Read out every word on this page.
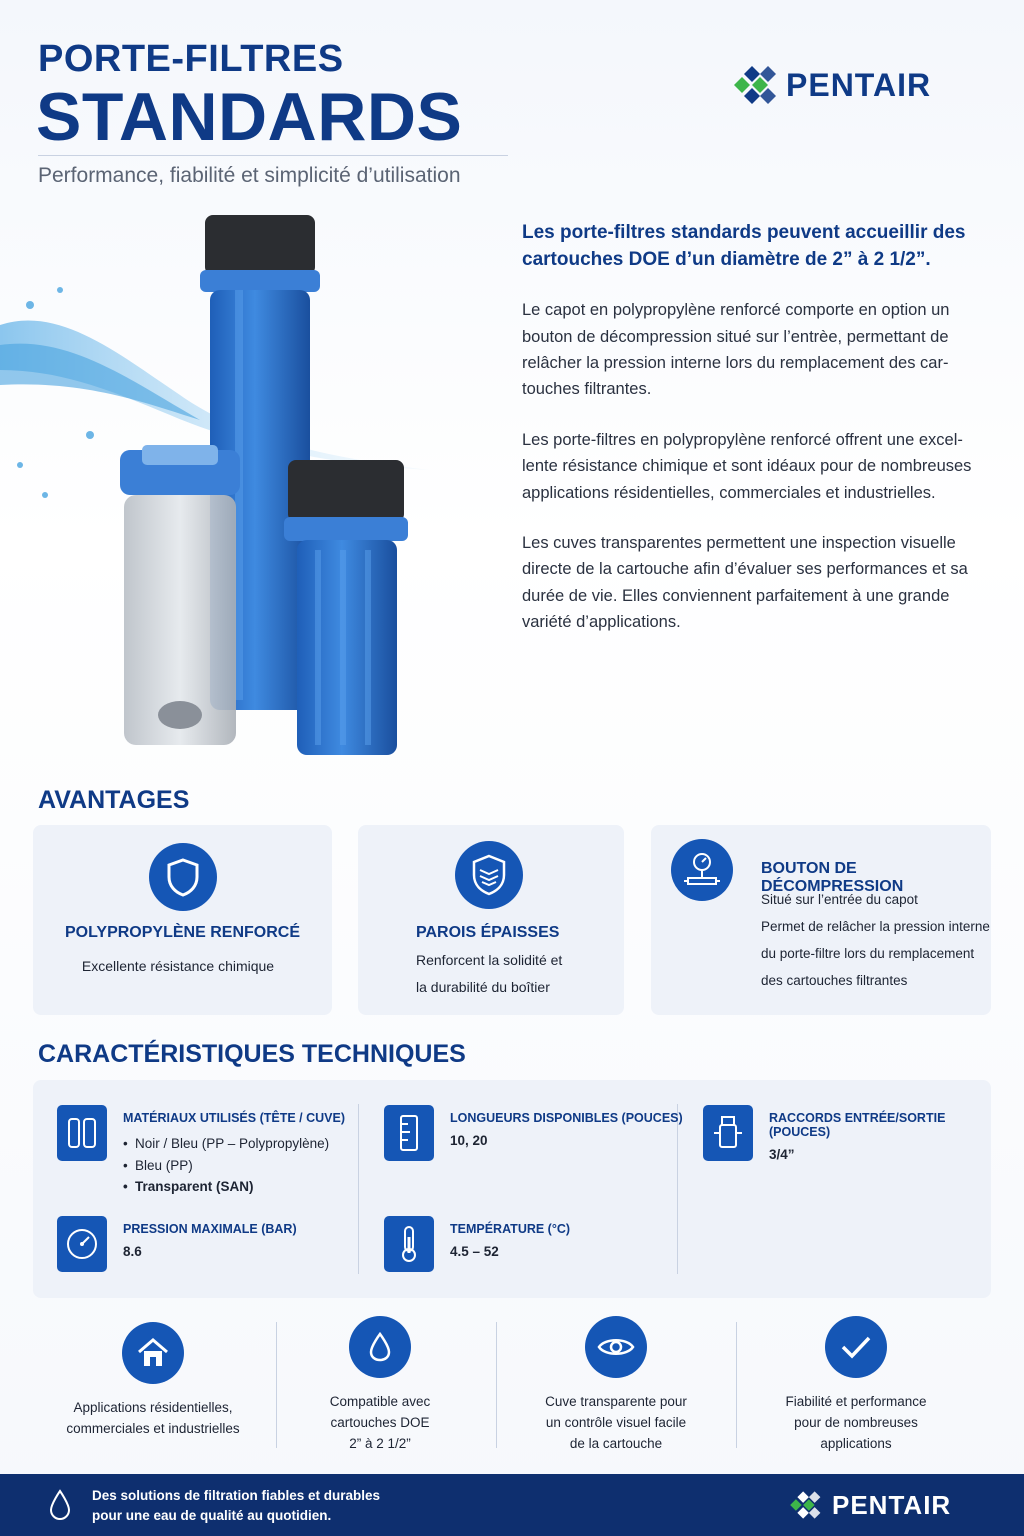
PORTE-FILTRES
STANDARDS
Performance, fiabilité et simplicité d’utilisation
PENTAIR
Les porte-filtres standards peuvent accueillir des cartouches DOE d’un diamètre de 2” à 2 1/2”.

Le capot en polypropylène renforcé comporte en option un bouton de décompression situé sur l’entrèe, permettant de relâcher la pression interne lors du remplacement des car-touches filtrantes.

Les porte-filtres en polypropylène renforcé offrent une excel-lente résistance chimique et sont idéaux pour de nombreuses applications résidentielles, commerciales et industrielles.

Les cuves transparentes permettent une inspection visuelle directe de la cartouche afin d’évaluer ses performances et sa durée de vie. Elles conviennent parfaitement à une grande variété d’applications.

AVANTAGES
POLYPROPYLÈNE RENFORCÉ
Excellente résistance chimique
PAROIS ÉPAISSES
Renforcent la solidité et
la durabilité du boîtier
BOUTON DE DÉCOMPRESSION
Situé sur l’entrée du capot
Permet de relâcher la pression interne
du porte-filtre lors du remplacement
des cartouches filtrantes
CARACTÉRISTIQUES TECHNIQUES
MATÉRIAUX UTILISÉS (TÊTE / CUVE)
• Noir / Bleu (PP – Polypropylène)
• Bleu (PP)
• Transparent (SAN)
LONGUEURS DISPONIBLES (POUCES)
10, 20
RACCORDS ENTRÉE/SORTIE (POUCES)
3/4”
PRESSION MAXIMALE (BAR)
8.6
TEMPÉRATURE (°C)
4.5 – 52
Applications résidentielles,
commerciales et industrielles
Compatible avec
cartouches DOE
2” à 2 1/2”
Cuve transparente pour
un contrôle visuel facile
de la cartouche
Fiabilité et performance
pour de nombreuses
applications
Des solutions de filtration fiables et durables
pour une eau de qualité au quotidien.	PENTAIR
